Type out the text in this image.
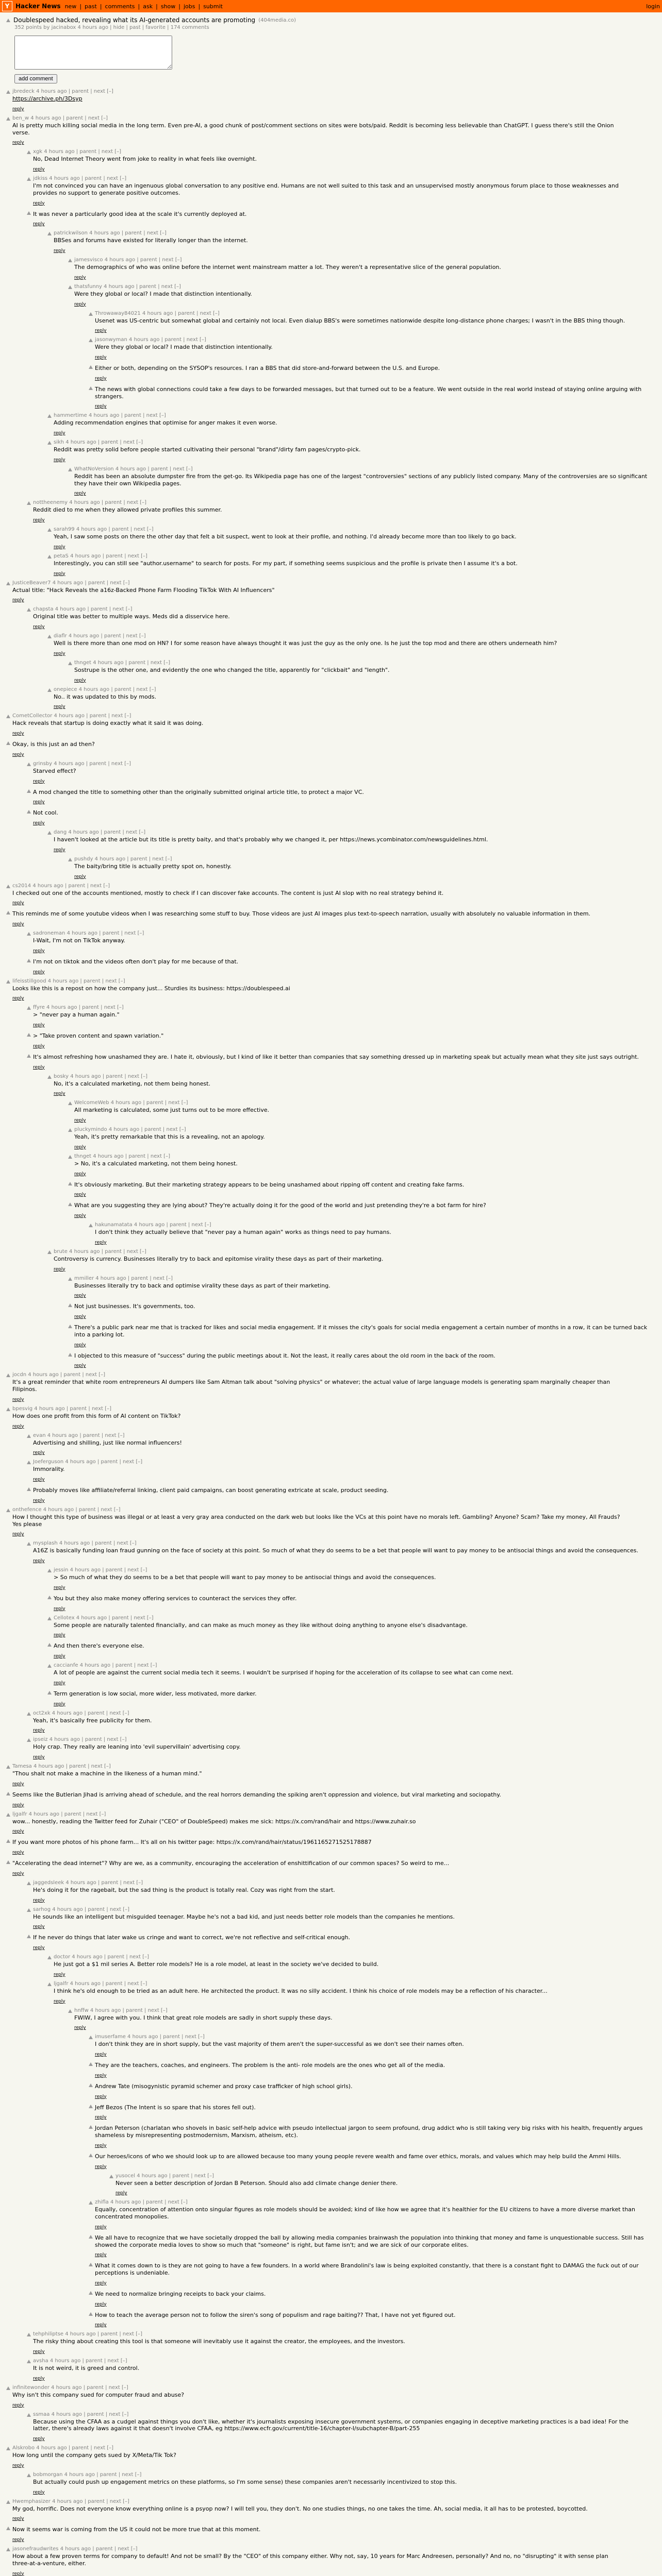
Y Hacker News new | past | comments | ask | show | jobs | submit	login
Doublespeed hacked, revealing what its AI-generated accounts are promoting (404media.co)
352 points by jacinabox 4 hours ago | hide | past | favorite | 174 comments
add comment
jbredeck 4 hours ago | parent | next [–]
https://archive.ph/3Dsyp
reply
ben_w 4 hours ago | parent | next [–]
AI is pretty much killing social media in the long term. Even pre-AI, a good chunk of post/comment sections on sites were bots/paid. Reddit is becoming less believable than ChatGPT. I guess there's still the Onion verse.
reply
xgk 4 hours ago | parent | next [–]
No, Dead Internet Theory went from joke to reality in what feels like overnight.
reply
jdkiss 4 hours ago | parent | next [–]
I'm not convinced you can have an ingenuous global conversation to any positive end. Humans are not well suited to this task and an unsupervised mostly anonymous forum place to those weaknesses and provides no support to generate positive outcomes.
reply
It was never a particularly good idea at the scale it's currently deployed at.
reply
patrickwilson 4 hours ago | parent | next [–]
BBSes and forums have existed for literally longer than the internet.
reply
jamesvisco 4 hours ago | parent | next [–]
The demographics of who was online before the internet went mainstream matter a lot. They weren't a representative slice of the general population.
reply
thatsfunny 4 hours ago | parent | next [–]
Were they global or local? I made that distinction intentionally.
reply
Throwaway84021 4 hours ago | parent | next [–]
Usenet was US-centric but somewhat global and certainly not local. Even dialup BBS's were sometimes nationwide despite long-distance phone charges; I wasn't in the BBS thing though.
reply
jasonwyman 4 hours ago | parent | next [–]
Were they global or local? I made that distinction intentionally.
reply
Either or both, depending on the SYSOP's resources. I ran a BBS that did store-and-forward between the U.S. and Europe.
reply
The news with global connections could take a few days to be forwarded messages, but that turned out to be a feature. We went outside in the real world instead of staying online arguing with strangers.
reply
hammertime 4 hours ago | parent | next [–]
Adding recommendation engines that optimise for anger makes it even worse.
reply
sikh 4 hours ago | parent | next [–]
Reddit was pretty solid before people started cultivating their personal "brand"/dirty fam pages/crypto-pick.
reply
WhatNoVersion 4 hours ago | parent | next [–]
Reddit has been an absolute dumpster fire from the get-go. Its Wikipedia page has one of the largest "controversies" sections of any publicly listed company. Many of the controversies are so significant they have their own Wikipedia pages.
reply
nottheenemy 4 hours ago | parent | next [–]
Reddit died to me when they allowed private profiles this summer.
reply
sarah99 4 hours ago | parent | next [–]
Yeah, I saw some posts on there the other day that felt a bit suspect, went to look at their profile, and nothing. I'd already become more than too likely to go back.
reply
petaS 4 hours ago | parent | next [–]
Interestingly, you can still see "author.username" to search for posts. For my part, if something seems suspicious and the profile is private then I assume it's a bot.
reply
JusticeBeaver7 4 hours ago | parent | next [–]
Actual title: "Hack Reveals the a16z-Backed Phone Farm Flooding TikTok With AI Influencers"
reply
chapsta 4 hours ago | parent | next [–]
Original title was better to multiple ways. Meds did a disservice here.
reply
diaflr 4 hours ago | parent | next [–]
Well is there more than one mod on HN? I for some reason have always thought it was just the guy as the only one. Is he just the top mod and there are others underneath him?
reply
thnget 4 hours ago | parent | next [–]
Sostrupe is the other one, and evidently the one who changed the title, apparently for "clickbait" and "length".
reply
onepiece 4 hours ago | parent | next [–]
No.. it was updated to this by mods.
reply
CometCollector 4 hours ago | parent | next [–]
Hack reveals that startup is doing exactly what it said it was doing.
reply
Okay, is this just an ad then?
reply
grinsby 4 hours ago | parent | next [–]
Starved effect?
reply
A mod changed the title to something other than the originally submitted original article title, to protect a major VC.
reply
Not cool.
reply
dang 4 hours ago | parent | next [–]
I haven't looked at the article but its title is pretty baity, and that's probably why we changed it, per https://news.ycombinator.com/newsguidelines.html.
reply
pushdy 4 hours ago | parent | next [–]
The baity/bring title is actually pretty spot on, honestly.
reply
cs2014 4 hours ago | parent | next [–]
I checked out one of the accounts mentioned, mostly to check if I can discover fake accounts. The content is just AI slop with no real strategy behind it.
reply
This reminds me of some youtube videos when I was researching some stuff to buy. Those videos are just AI images plus text-to-speech narration, usually with absolutely no valuable information in them.
reply
sadroneman 4 hours ago | parent | next [–]
I-Wait, I'm not on TikTok anyway.
reply
I'm not on tiktok and the videos often don't play for me because of that.
reply
lifeisstillgood 4 hours ago | parent | next [–]
Looks like this is a repost on how the company just... Sturdies its business: https://doublespeed.ai
reply
ffyre 4 hours ago | parent | next [–]
> "never pay a human again."
reply
> "Take proven content and spawn variation."
reply
It's almost refreshing how unashamed they are. I hate it, obviously, but I kind of like it better than companies that say something dressed up in marketing speak but actually mean what they site just says outright.
reply
bosky 4 hours ago | parent | next [–]
No, it's a calculated marketing, not them being honest.
reply
WelcomeWeb 4 hours ago | parent | next [–]
All marketing is calculated, some just turns out to be more effective.
reply
pluckymindo 4 hours ago | parent | next [–]
Yeah, it's pretty remarkable that this is a revealing, not an apology.
reply
thnget 4 hours ago | parent | next [–]
> No, it's a calculated marketing, not them being honest.
reply
It's obviously marketing. But their marketing strategy appears to be being unashamed about ripping off content and creating fake farms.
reply
What are you suggesting they are lying about? They're actually doing it for the good of the world and just pretending they're a bot farm for hire?
reply
hakunamatata 4 hours ago | parent | next [–]
I don't think they actually believe that "never pay a human again" works as things need to pay humans.
reply
brute 4 hours ago | parent | next [–]
Controversy is currency. Businesses literally try to back and epitomise virality these days as part of their marketing.
reply
mmiller 4 hours ago | parent | next [–]
Businesses literally try to back and optimise virality these days as part of their marketing.
reply
Not just businesses. It's governments, too.
reply
There's a public park near me that is tracked for likes and social media engagement. If it misses the city's goals for social media engagement a certain number of months in a row, it can be turned back into a parking lot.
reply
I objected to this measure of "success" during the public meetings about it. Not the least, it really cares about the old room in the back of the room.
reply
jocdn 4 hours ago | parent | next [–]
It's a great reminder that white room entrepreneurs AI dumpers like Sam Altman talk about "solving physics" or whatever; the actual value of large language models is generating spam marginally cheaper than Filipinos.
reply
bpesvig 4 hours ago | parent | next [–]
How does one profit from this form of AI content on TikTok?
reply
evan 4 hours ago | parent | next [–]
Advertising and shilling, just like normal influencers!
reply
Joeferguson 4 hours ago | parent | next [–]
Immorality.
reply
Probably moves like affiliate/referral linking, client paid campaigns, can boost generating extricate at scale, product seeding.
reply
onthefence 4 hours ago | parent | next [–]
How I thought this type of business was illegal or at least a very gray area conducted on the dark web but looks like the VCs at this point have no morals left. Gambling? Anyone? Scam? Take my money, All Frauds? Yes please
reply
mysplash 4 hours ago | parent | next [–]
A16Z is basically funding loan fraud gunning on the face of society at this point. So much of what they do seems to be a bet that people will want to pay money to be antisocial things and avoid the consequences.
reply
jessin 4 hours ago | parent | next [–]
> So much of what they do seems to be a bet that people will want to pay money to be antisocial things and avoid the consequences.
reply
You but they also make money offering services to counteract the services they offer.
reply
Cellotex 4 hours ago | parent | next [–]
Some people are naturally talented financially, and can make as much money as they like without doing anything to anyone else's disadvantage.
reply
And then there's everyone else.
reply
caccianfe 4 hours ago | parent | next [–]
A lot of people are against the current social media tech it seems. I wouldn't be surprised if hoping for the acceleration of its collapse to see what can come next.
reply
Term generation is low social, more wider, less motivated, more darker.
reply
oct2xk 4 hours ago | parent | next [–]
Yeah, it's basically free publicity for them.
reply
ipseiz 4 hours ago | parent | next [–]
Holy crap. They really are leaning into 'evil supervillain' advertising copy.
reply
Tamesa 4 hours ago | parent | next [–]
"Thou shalt not make a machine in the likeness of a human mind."
reply
Seems like the Butlerian Jihad is arriving ahead of schedule, and the real horrors demanding the spiking aren't oppression and violence, but viral marketing and sociopathy.
reply
ljgalfr 4 hours ago | parent | next [–]
wow... honestly, reading the Twitter feed for Zuhair ("CEO" of DoubleSpeed) makes me sick: https://x.com/rand/hair and https://www.zuhair.so
reply
If you want more photos of his phone farm... It's all on his twitter page: https://x.com/rand/hair/status/1961165271525178887
reply
"Accelerating the dead internet"? Why are we, as a community, encouraging the acceleration of enshittification of our common spaces? So weird to me...
reply
jaggedsleek 4 hours ago | parent | next [–]
He's doing it for the ragebait, but the sad thing is the product is totally real. Cozy was right from the start.
reply
sarhog 4 hours ago | parent | next [–]
He sounds like an intelligent but misguided teenager. Maybe he's not a bad kid, and just needs better role models than the companies he mentions.
reply
If he never do things that later wake us cringe and want to correct, we're not reflective and self-critical enough.
reply
doctor 4 hours ago | parent | next [–]
He just got a $1 mil series A. Better role models? He is a role model, at least in the society we've decided to build.
reply
ljgalfr 4 hours ago | parent | next [–]
I think he's old enough to be tried as an adult here. He architected the product. It was no silly accident. I think his choice of role models may be a reflection of his character...
reply
hnffw 4 hours ago | parent | next [–]
FWIW, I agree with you. I think that great role models are sadly in short supply these days.
reply
imuserfame 4 hours ago | parent | next [–]
I don't think they are in short supply, but the vast majority of them aren't the super-successful as we don't see their names often.
reply
They are the teachers, coaches, and engineers. The problem is the anti- role models are the ones who get all of the media.
reply
Andrew Tate (misogynistic pyramid schemer and proxy case trafficker of high school girls).
reply
Jeff Bezos (The Intent is so spare that his stores fell out).
reply
Jordan Peterson (charlatan who shovels in basic self-help advice with pseudo intellectual jargon to seem profound, drug addict who is still taking very big risks with his health, frequently argues shameless by misrepresenting postmodernism, Marxism, atheism, etc).
reply
Our heroes/icons of who we should look up to are allowed because too many young people revere wealth and fame over ethics, morals, and values which may help build the Ammi Hills.
reply
yusocel 4 hours ago | parent | next [–]
Never seen a better description of Jordan B Peterson. Should also add climate change denier there.
reply
zhifla 4 hours ago | parent | next [–]
Equally, concentration of attention onto singular figures as role models should be avoided; kind of like how we agree that it's healthier for the EU citizens to have a more diverse market than concentrated monopolies.
reply
We all have to recognize that we have societally dropped the ball by allowing media companies brainwash the population into thinking that money and fame is unquestionable success. Still has showed the corporate media loves to show so much that "someone" is right, but fame isn't; and we are sick of our corporate elites.
reply
What it comes down to is they are not going to have a few founders. In a world where Brandolini's law is being exploited constantly, that there is a constant fight to DAMAG the fuck out of our perceptions is undeniable.
reply
We need to normalize bringing receipts to back your claims.
reply
How to teach the average person not to follow the siren's song of populism and rage baiting?? That, I have not yet figured out.
reply
tehphiliptse 4 hours ago | parent | next [–]
The risky thing about creating this tool is that someone will inevitably use it against the creator, the employees, and the investors.
reply
avsha 4 hours ago | parent | next [–]
It is not weird, it is greed and control.
reply
infinitewonder 4 hours ago | parent | next [–]
Why isn't this company sued for computer fraud and abuse?
reply
ssmaa 4 hours ago | parent | next [–]
Because using the CFAA as a cudgel against things you don't like, whether it's journalists exposing insecure government systems, or companies engaging in deceptive marketing practices is a bad idea! For the latter, there's already laws against it that doesn't involve CFAA, eg https://www.ecfr.gov/current/title-16/chapter-I/subchapter-B/part-255
reply
Alskrobo 4 hours ago | parent | next [–]
How long until the company gets sued by X/Meta/Tik Tok?
reply
bobmorgan 4 hours ago | parent | next [–]
But actually could push up engagement metrics on these platforms, so I'm some sense) these companies aren't necessarily incentivized to stop this.
reply
Hwemphasizer 4 hours ago | parent | next [–]
My god, horrific. Does not everyone know everything online is a psyop now? I will tell you, they don't. No one studies things, no one takes the time. Ah, social media, it all has to be protested, boycotted.
reply
Now it seems war is coming from the US it could not be more true that at this moment.
reply
jasonefraudwrites 4 hours ago | parent | next [–]
How about a few proven terms for company to default! And not be small? By the "CEO" of this company either. Why not, say, 10 years for Marc Andreesen, personally? And no, no "disrupting" it with sense plan three-at-a-venture, either.
reply
